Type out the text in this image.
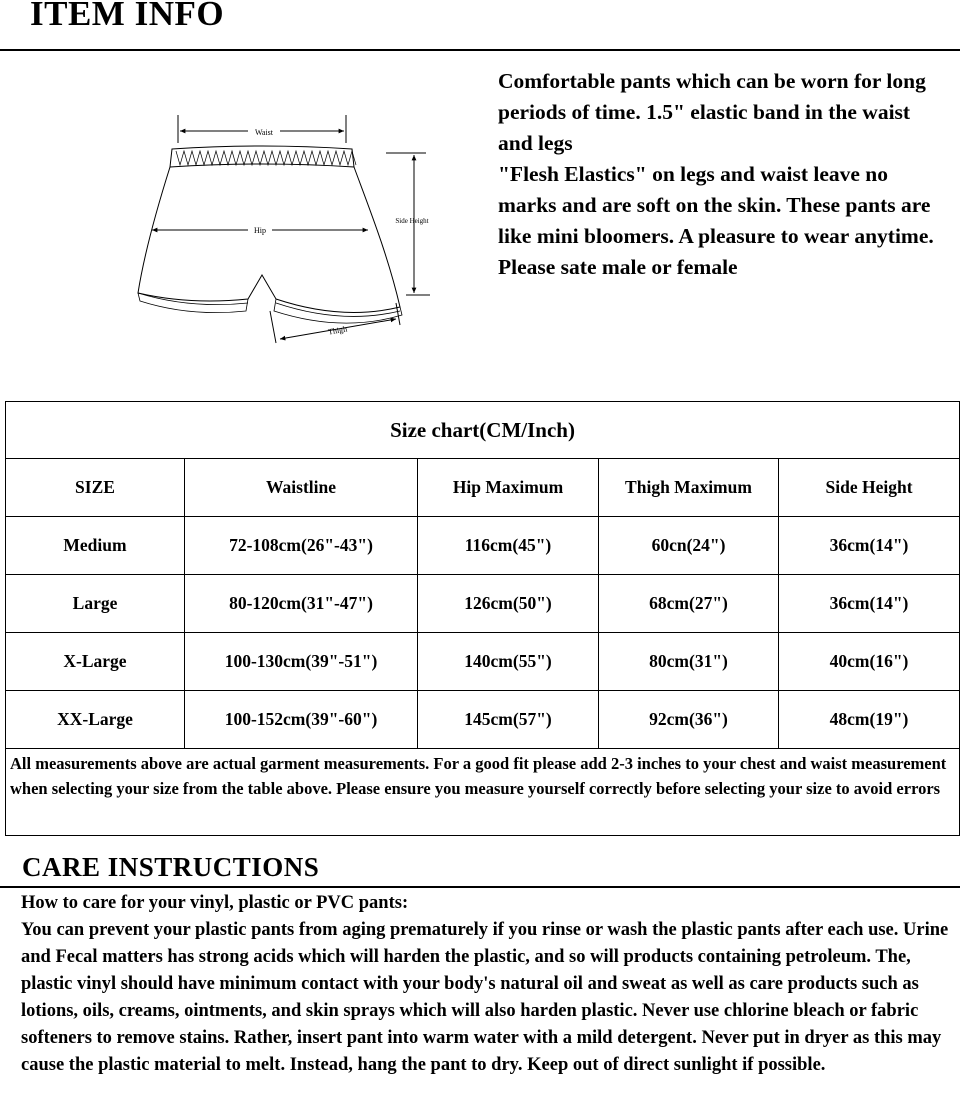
ITEM INFO
Waist
Hip
Side Height
Thigh

Comfortable pants which can be worn for long periods of time. 1.5" elastic band in the waist and legs
"Flesh Elastics" on legs and waist leave no marks and are soft on the skin. These pants are like mini bloomers. A pleasure to wear anytime. Please sate male or female

Size chart(CM/Inch)				
SIZE	Waistline	Hip Maximum	Thigh Maximum	Side Height
Medium	72-108cm(26"-43")	116cm(45")	60cn(24")	36cm(14")
Large	80-120cm(31"-47")	126cm(50")	68cm(27")	36cm(14")
X-Large	100-130cm(39"-51")	140cm(55")	80cm(31")	40cm(16")
XX-Large	100-152cm(39"-60")	145cm(57")	92cm(36")	48cm(19")
All measurements above are actual garment measurements. For a good fit please add 2-3 inches to your chest and waist measurement when selecting your size from the table above. Please ensure you measure yourself correctly before selecting your size to avoid errors				
CARE INSTRUCTIONS
How to care for your vinyl, plastic or PVC pants:
You can prevent your plastic pants from aging prematurely if you rinse or wash the plastic pants after each use. Urine and Fecal matters has strong acids which will harden the plastic, and so will products containing petroleum. The, plastic vinyl should have minimum contact with your body's natural oil and sweat as well as care products such as lotions, oils, creams, ointments, and skin sprays which will also harden plastic. Never use chlorine bleach or fabric softeners to remove stains. Rather, insert pant into warm water with a mild detergent. Never put in dryer as this may cause the plastic material to melt. Instead, hang the pant to dry. Keep out of direct sunlight if possible.
